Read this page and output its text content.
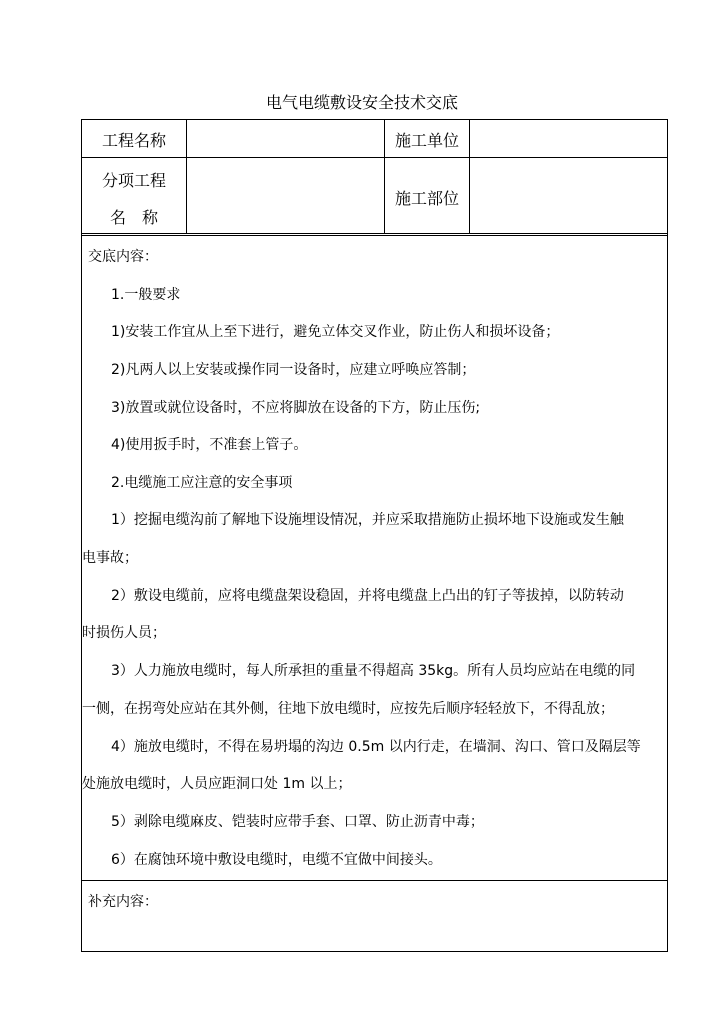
电气电缆敷设安全技术交底
工程名称	施工单位
分项工程
名　称
施工部位
交底内容：
1.一般要求
1)安装工作宜从上至下进行，避免立体交叉作业，防止伤人和损坏设备；
2)凡两人以上安装或操作同一设备时，应建立呼唤应答制；
3)放置或就位设备时，不应将脚放在设备的下方，防止压伤;
4)使用扳手时，不准套上管子。
2.电缆施工应注意的安全事项
1）挖掘电缆沟前了解地下设施埋设情况，并应采取措施防止损坏地下设施或发生触
电事故；
2）敷设电缆前，应将电缆盘架设稳固，并将电缆盘上凸出的钉子等拔掉，以防转动
时损伤人员；
3）人力施放电缆时，每人所承担的重量不得超高 35kg。所有人员均应站在电缆的同
一侧，在拐弯处应站在其外侧，往地下放电缆时，应按先后顺序轻轻放下，不得乱放；
4）施放电缆时，不得在易坍塌的沟边 0.5m 以内行走，在墙洞、沟口、管口及隔层等
处施放电缆时，人员应距洞口处 1m 以上；
5）剥除电缆麻皮、铠装时应带手套、口罩、防止沥青中毒；
6）在腐蚀环境中敷设电缆时，电缆不宜做中间接头。
补充内容：
